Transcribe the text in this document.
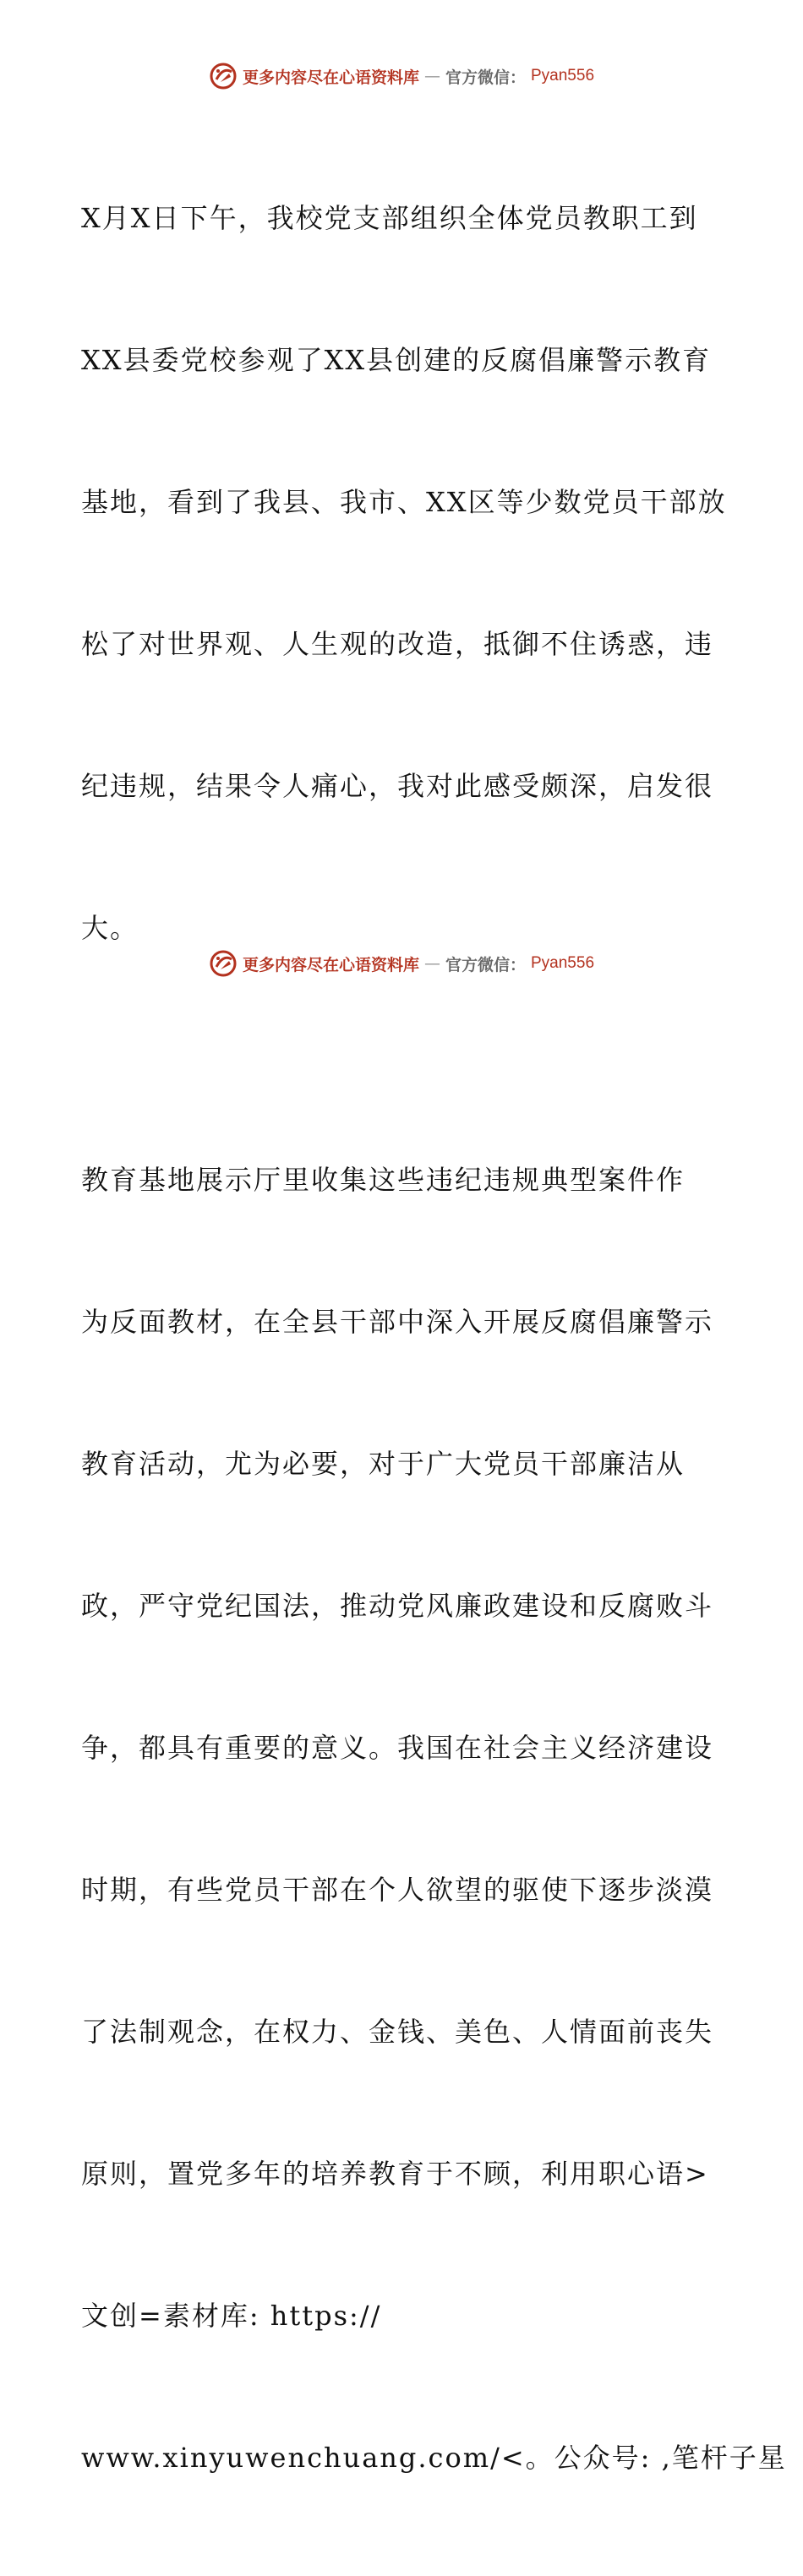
更多内容尽在心语资料库 — 官方微信： Pyan556

X月X日下午，我校党支部组织全体党员教职工到

XX县委党校参观了XX县创建的反腐倡廉警示教育

基地，看到了我县、我市、XX区等少数党员干部放

松了对世界观、人生观的改造，抵御不住诱惑，违

纪违规，结果令人痛心，我对此感受颇深，启发很

大。

教育基地展示厅里收集这些违纪违规典型案件作

为反面教材，在全县干部中深入开展反腐倡廉警示

教育活动，尤为必要，对于广大党员干部廉洁从

政，严守党纪国法，推动党风廉政建设和反腐败斗

争，都具有重要的意义。我国在社会主义经济建设

时期，有些党员干部在个人欲望的驱使下逐步淡漠

了法制观念，在权力、金钱、美色、人情面前丧失

原则，置党多年的培养教育于不顾，利用职心语>

文创=素材库: https://

www.xinyuwenchuang.com/<。公众号: ,笔杆子星

更多内容尽在心语资料库 — 官方微信： Pyan556
